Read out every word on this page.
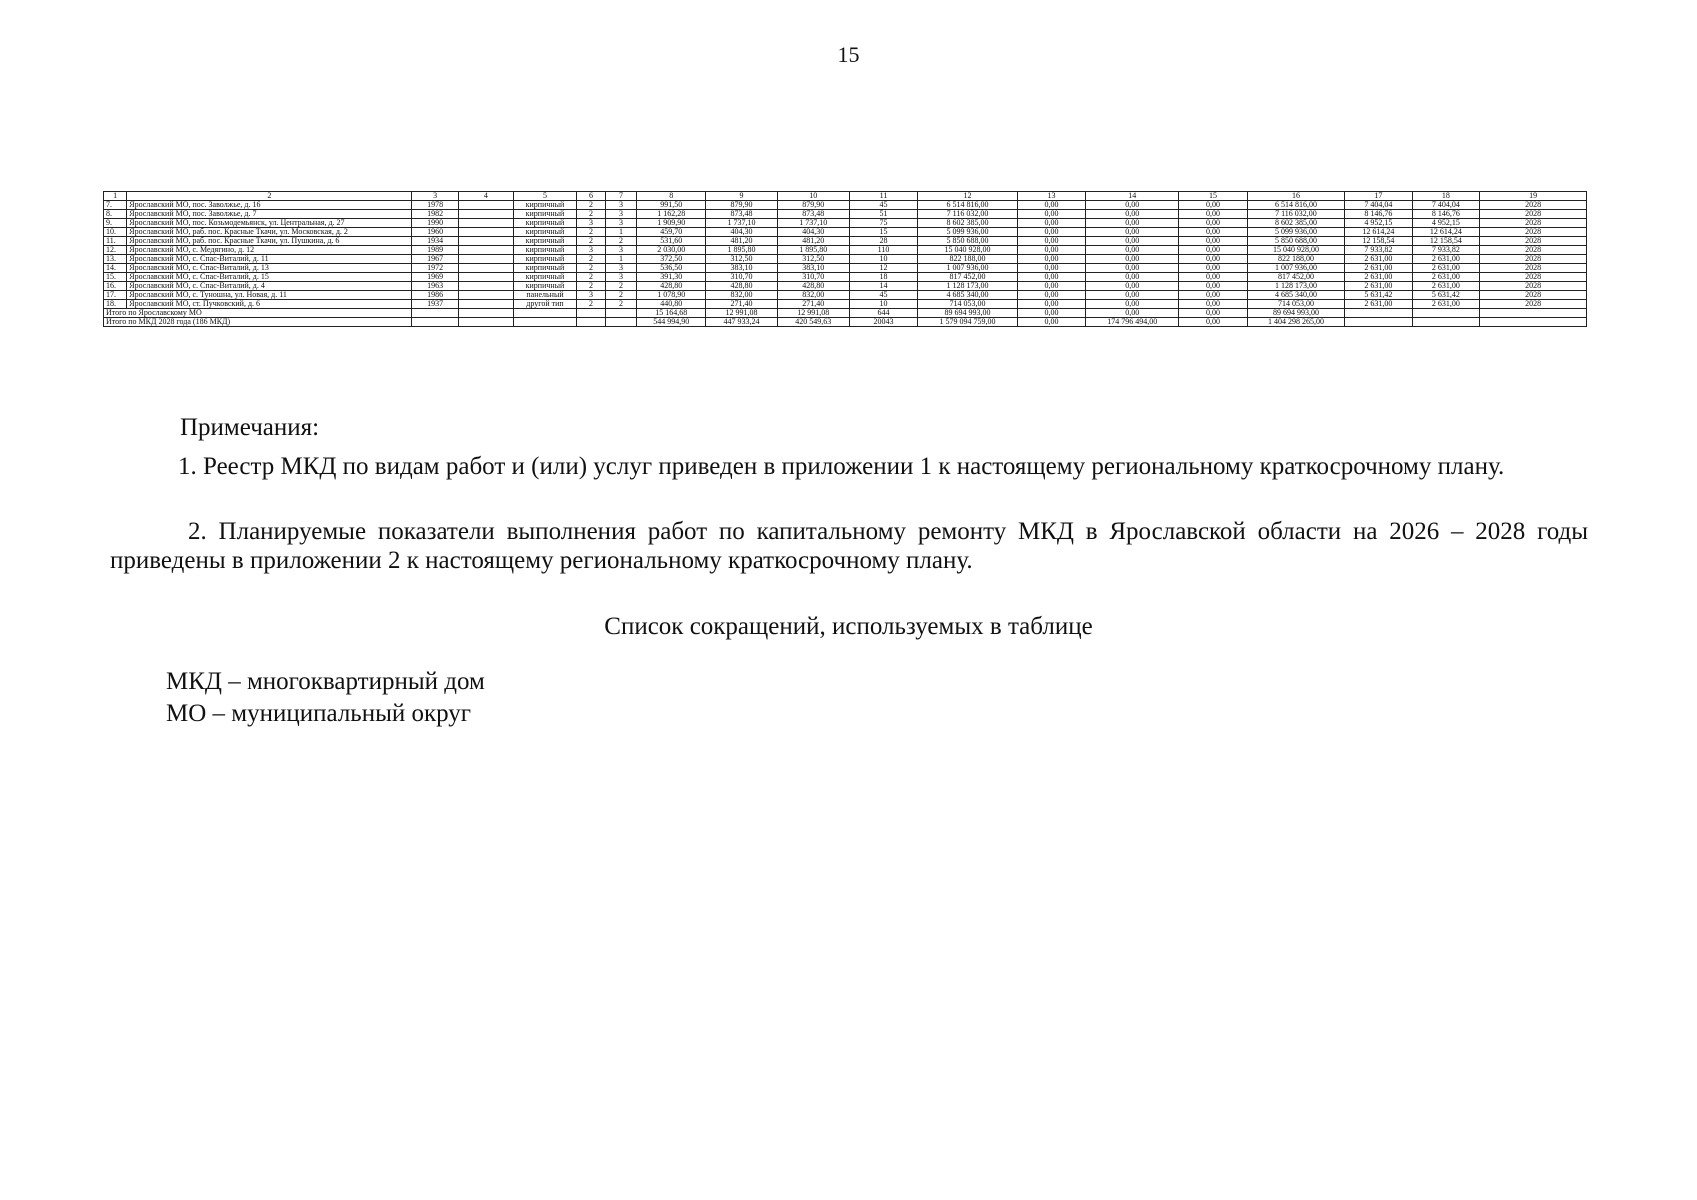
15
1	2	3	4	5	6	7	8	9	10	11	12	13	14	15	16	17	18	19
7.	Ярославский МО, пос. Заволжье, д. 16	1978		кирпичный	2	3	991,50	879,90	879,90	45	6 514 816,00	0,00	0,00	0,00	6 514 816,00	7 404,04	7 404,04	2028
8.	Ярославский МО, пос. Заволжье, д. 7	1982		кирпичный	2	3	1 162,28	873,48	873,48	51	7 116 032,00	0,00	0,00	0,00	7 116 032,00	8 146,76	8 146,76	2028
9.	Ярославский МО, пос. Козьмодемьянск, ул. Центральная, д. 27	1990		кирпичный	3	3	1 909,90	1 737,10	1 737,10	75	8 602 385,00	0,00	0,00	0,00	8 602 385,00	4 952,15	4 952,15	2028
10.	Ярославский МО, раб. пос. Красные Ткачи, ул. Московская, д. 2	1960		кирпичный	2	1	459,70	404,30	404,30	15	5 099 936,00	0,00	0,00	0,00	5 099 936,00	12 614,24	12 614,24	2028
11.	Ярославский МО, раб. пос. Красные Ткачи, ул. Пушкина, д. 6	1934		кирпичный	2	2	531,60	481,20	481,20	28	5 850 688,00	0,00	0,00	0,00	5 850 688,00	12 158,54	12 158,54	2028
12.	Ярославский МО, с. Медягино, д. 12	1989		кирпичный	3	3	2 030,00	1 895,80	1 895,80	110	15 040 928,00	0,00	0,00	0,00	15 040 928,00	7 933,82	7 933,82	2028
13.	Ярославский МО, с. Спас-Виталий, д. 11	1967		кирпичный	2	1	372,50	312,50	312,50	10	822 188,00	0,00	0,00	0,00	822 188,00	2 631,00	2 631,00	2028
14.	Ярославский МО, с. Спас-Виталий, д. 13	1972		кирпичный	2	3	536,50	383,10	383,10	12	1 007 936,00	0,00	0,00	0,00	1 007 936,00	2 631,00	2 631,00	2028
15.	Ярославский МО, с. Спас-Виталий, д. 15	1969		кирпичный	2	3	391,30	310,70	310,70	18	817 452,00	0,00	0,00	0,00	817 452,00	2 631,00	2 631,00	2028
16.	Ярославский МО, с. Спас-Виталий, д. 4	1963		кирпичный	2	2	428,80	428,80	428,80	14	1 128 173,00	0,00	0,00	0,00	1 128 173,00	2 631,00	2 631,00	2028
17.	Ярославский МО, с. Туношна, ул. Новая, д. 11	1986		панельный	3	2	1 078,90	832,00	832,00	45	4 685 340,00	0,00	0,00	0,00	4 685 340,00	5 631,42	5 631,42	2028
18.	Ярославский МО, ст. Пучковский, д. 6	1937		другой тип	2	2	440,80	271,40	271,40	10	714 053,00	0,00	0,00	0,00	714 053,00	2 631,00	2 631,00	2028
Итого по Ярославскому МО							15 164,68	12 991,08	12 991,08	644	89 694 993,00	0,00	0,00	0,00	89 694 993,00			
Итого по МКД 2028 года (186 МКД)							544 994,90	447 933,24	420 549,63	20043	1 579 094 759,00	0,00	174 796 494,00	0,00	1 404 298 265,00			
Примечания:
1. Реестр МКД по видам работ и (или) услуг приведен в приложении 1 к настоящему региональному краткосрочному плану.
2. Планируемые показатели выполнения работ по капитальному ремонту МКД в Ярославской области на 2026 – 2028 годы приведены в приложении 2 к настоящему региональному краткосрочному плану.
Список сокращений, используемых в таблице
МКД – многоквартирный дом
МО – муниципальный округ
